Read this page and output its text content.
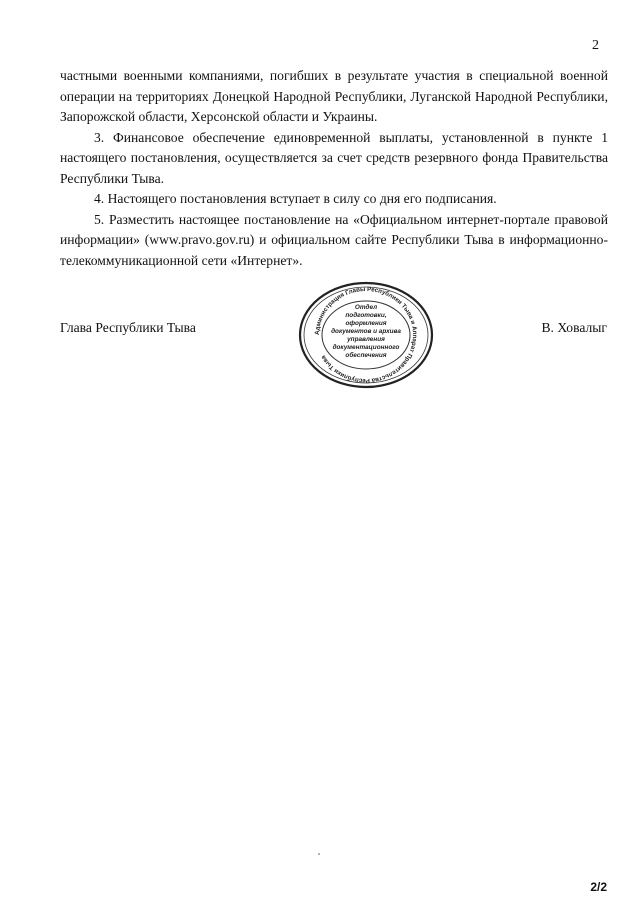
2

частными военными компаниями, погибших в результате участия в специальной военной операции на территориях Донецкой Народной Республики, Луганской Народной Республики, Запорожской области, Херсонской области и Украины.

3. Финансовое обеспечение единовременной выплаты, установленной в пункте 1 настоящего постановления, осуществляется за счет средств резервного фонда Правительства Республики Тыва.

4. Настоящего постановления вступает в силу со дня его подписания.

5. Разместить настоящее постановление на «Официальном интернет-портале правовой информации» (www.pravo.gov.ru) и официальном сайте Республики Тыва в информационно-телекоммуникационной сети «Интернет».

Глава Республики Тыва	Администрация Главы Республики Тыва и Аппарат Правительства Республики Тыва
Отдел
подготовки,
оформления
документов и архива
управления
документационного
обеспечения
В. Ховалыг
2/2
